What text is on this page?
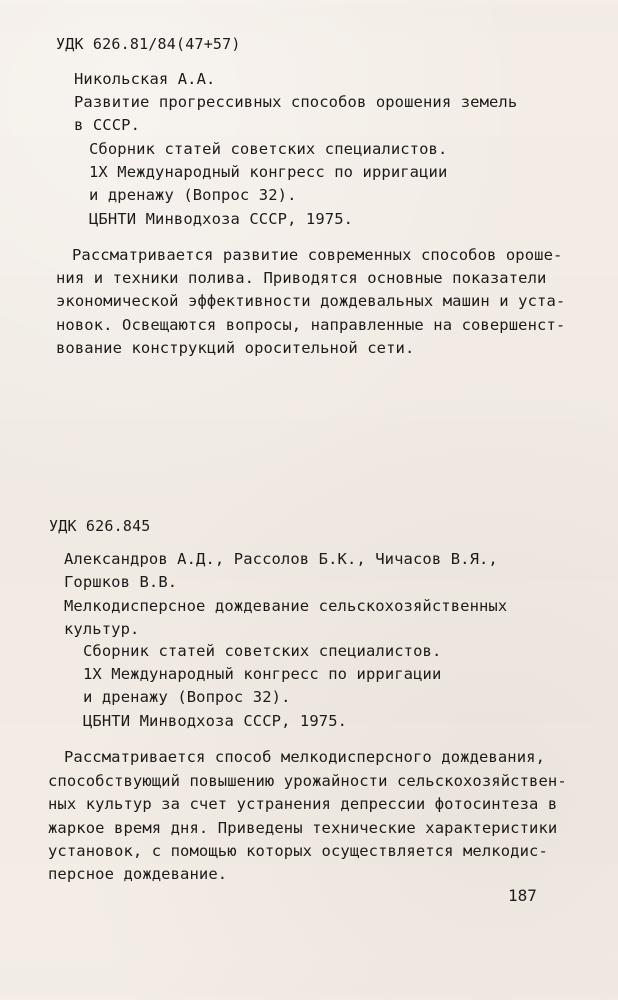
УДК 626.81/84(47+57)
Никольская А.А.
Развитие прогрессивных способов орошения земель
в СССР.
Сборник статей советских специалистов.
1Х Международный конгресс по ирригации
и дренажу (Вопрос 32).
ЦБНТИ Минводхоза СССР, 1975.
Рассматривается развитие современных способов ороше-
ния и техники полива. Приводятся основные показатели
экономической эффективности дождевальных машин и уста-
новок. Освещаются вопросы, направленные на совершенст-
вование конструкций оросительной сети.
УДК 626.845
Александров А.Д., Рассолов Б.К., Чичасов В.Я.,
Горшков В.В.
Мелкодисперсное дождевание сельскохозяйственных
культур.
Сборник статей советских специалистов.
1Х Международный конгресс по ирригации
и дренажу (Вопрос 32).
ЦБНТИ Минводхоза СССР, 1975.
Рассматривается способ мелкодисперсного дождевания,
способствующий повышению урожайности сельскохозяйствен-
ных культур за счет устранения депрессии фотосинтеза в
жаркое время дня. Приведены технические характеристики
установок, с помощью которых осуществляется мелкодис-
персное дождевание.
187
